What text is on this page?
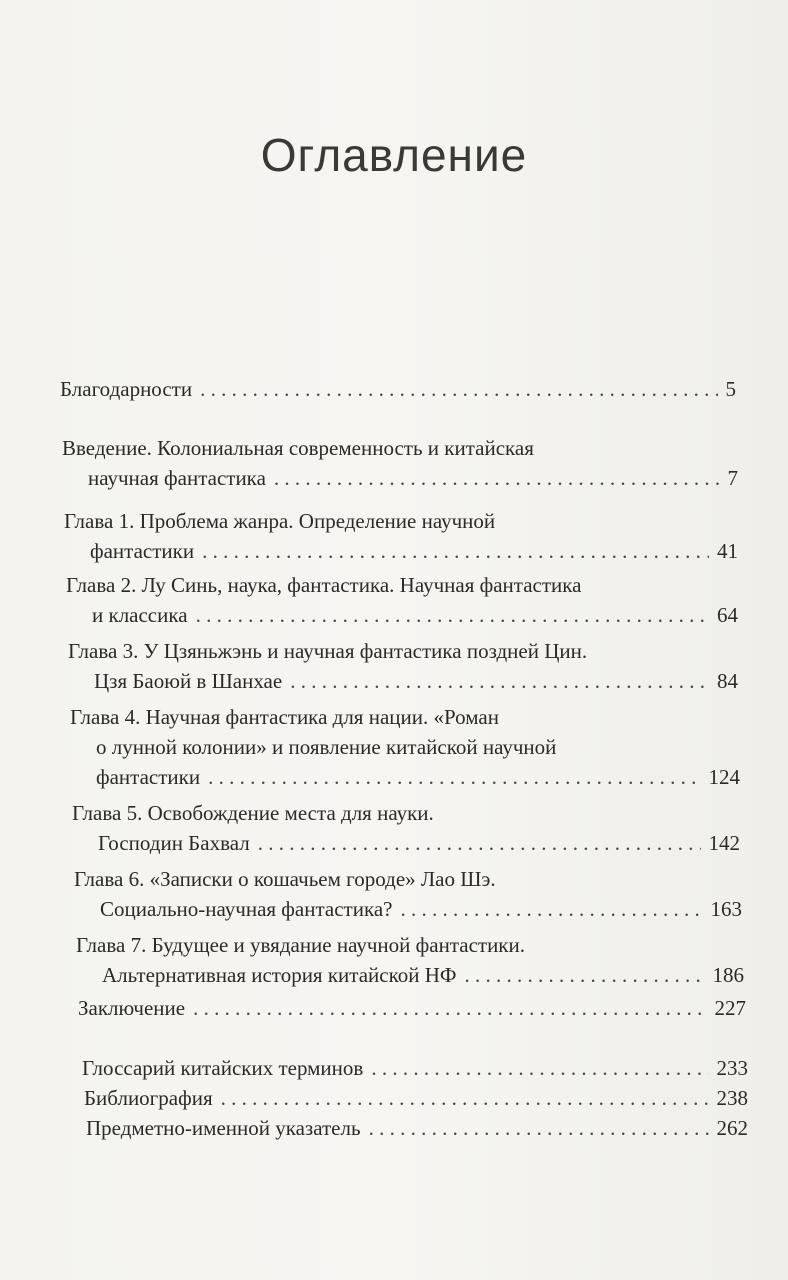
Оглавление
Благодарности . . .	5
Введение. Колониальная современность и китайская
научная фантастика . . .	7
Глава 1. Проблема жанра. Определение научной
фантастики . . .	41
Глава 2. Лу Синь, наука, фантастика. Научная фантастика
и классика . . .	64
Глава 3. У Цзяньжэнь и научная фантастика поздней Цин.
Цзя Баоюй в Шанхае . . .	84
Глава 4. Научная фантастика для нации. «Роман
о лунной колонии» и появление китайской научной
фантастики . . .	124
Глава 5. Освобождение места для науки.
Господин Бахвал . . .	142
Глава 6. «Записки о кошачьем городе» Лао Шэ.
Социально-научная фантастика? . . .	163
Глава 7. Будущее и увядание научной фантастики.
Альтернативная история китайской НФ . . .	186
Заключение . . .	227
Глоссарий китайских терминов . . .	233
Библиография . . .	238
Предметно-именной указатель . . .	262
